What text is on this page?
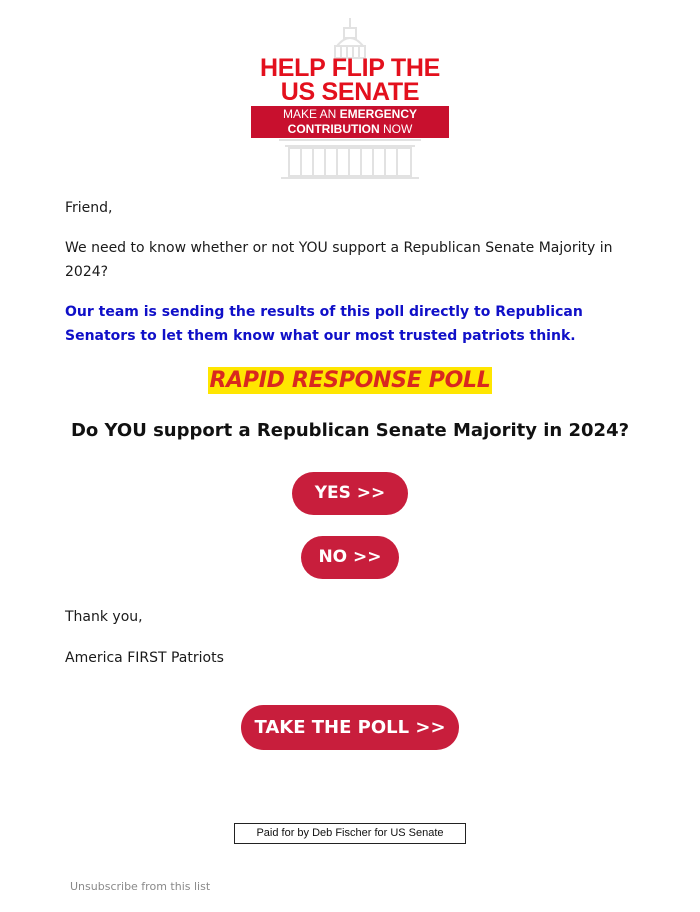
HELP FLIP THE
US SENATE
MAKE AN EMERGENCY
CONTRIBUTION NOW
Friend,
We need to know whether or not YOU support a Republican Senate Majority in 2024?
Our team is sending the results of this poll directly to Republican Senators to let them know what our most trusted patriots think.
RAPID RESPONSE POLL
Do YOU support a Republican Senate Majority in 2024?
YES >>
NO >>
Thank you,
America FIRST Patriots
TAKE THE POLL >>
Paid for by Deb Fischer for US Senate
Unsubscribe from this list
